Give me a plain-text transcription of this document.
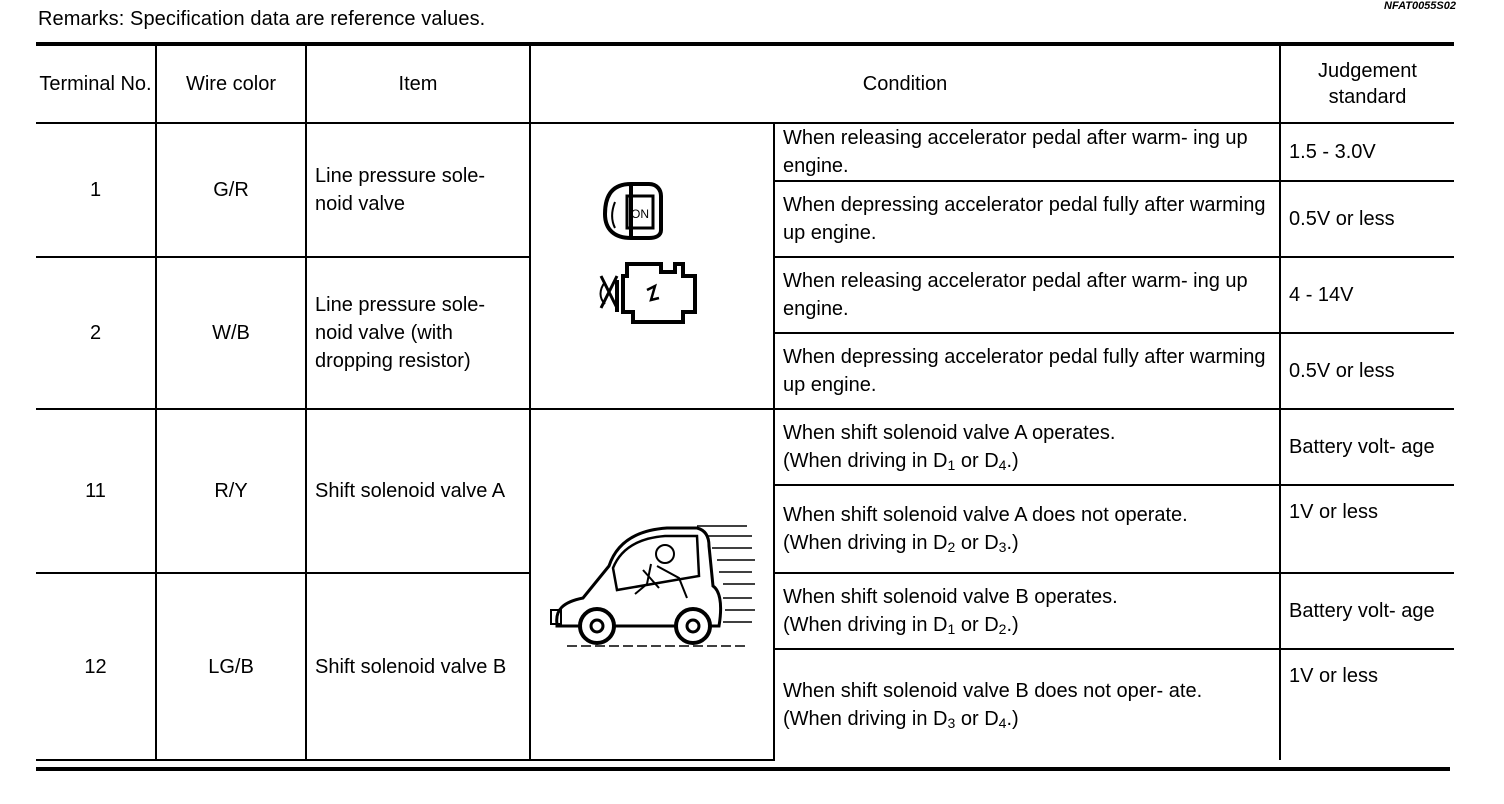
Remarks: Specification data are reference values.
NFAT0055S02
Terminal No.	Wire color	Item	Condition		Judgement standard
1	G/R	Line pressure sole- noid valve	ON	When releasing accelerator pedal after warm- ing up engine.	1.5 - 3.0V
				When depressing accelerator pedal fully after warming up engine.	0.5V or less
2	W/B	Line pressure sole- noid valve (with dropping resistor)		When releasing accelerator pedal after warm- ing up engine.	4 - 14V
				When depressing accelerator pedal fully after warming up engine.	0.5V or less
11	R/Y	Shift solenoid valve A		When shift solenoid valve A operates.
(When driving in $D_1$ or $D_4$.)	Battery volt- age
				When shift solenoid valve A does not operate.
(When driving in $D_2$ or $D_3$.)	1V or less
12	LG/B	Shift solenoid valve B		When shift solenoid valve B operates.
(When driving in $D_1$ or $D_2$.)	Battery volt- age
				When shift solenoid valve B does not oper- ate.
(When driving in $D_3$ or $D_4$.)	1V or less
